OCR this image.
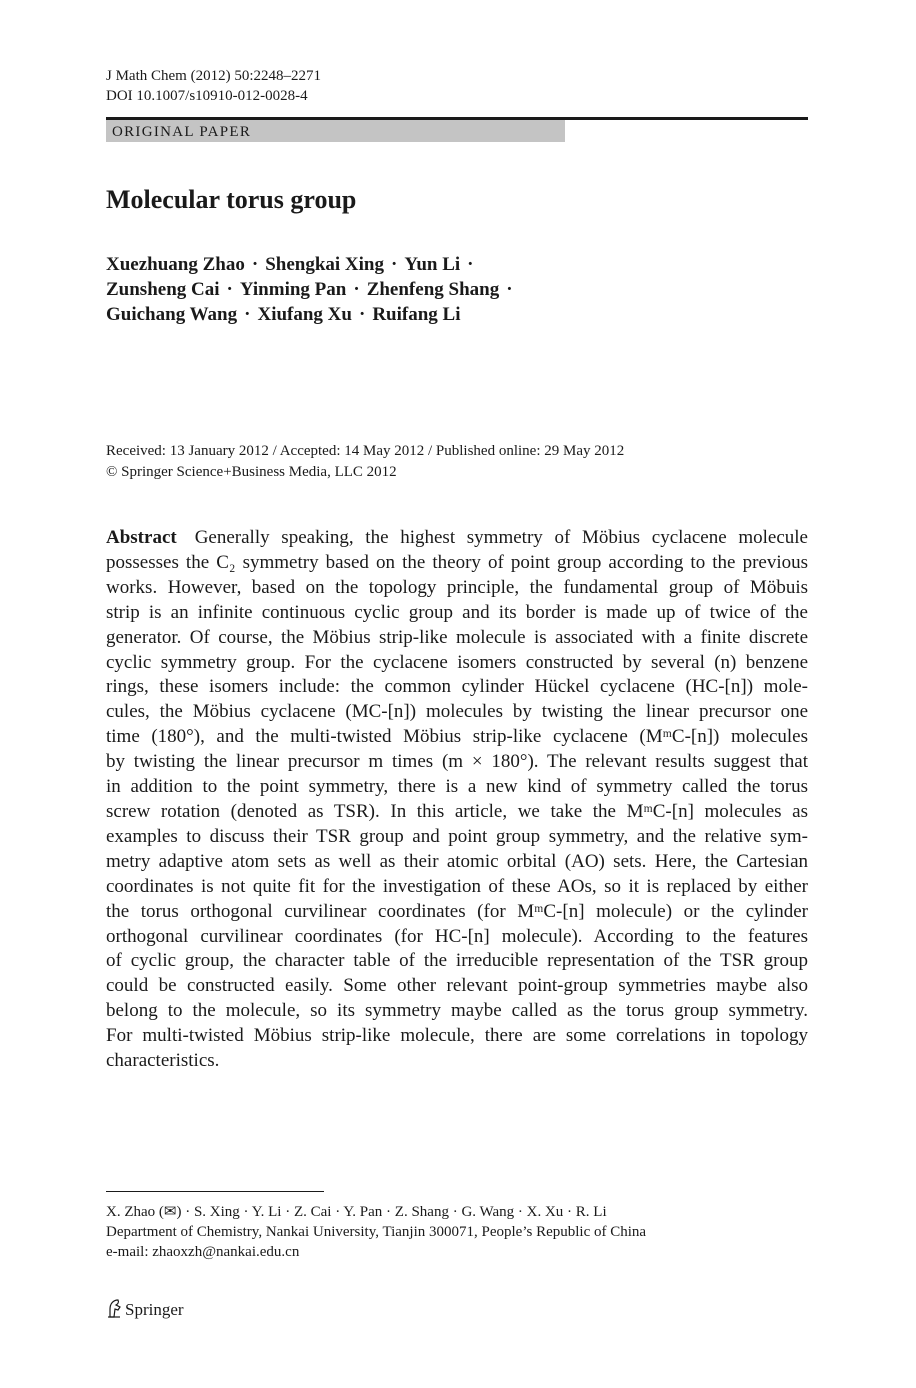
J Math Chem (2012) 50:2248–2271
DOI 10.1007/s10910-012-0028-4
ORIGINAL PAPER
Molecular torus group
Xuezhuang Zhao · Shengkai Xing · Yun Li ·
Zunsheng Cai · Yinming Pan · Zhenfeng Shang ·
Guichang Wang · Xiufang Xu · Ruifang Li
Received: 13 January 2012 / Accepted: 14 May 2012 / Published online: 29 May 2012
© Springer Science+Business Media, LLC 2012
Abstract Generally speaking, the highest symmetry of Möbius cyclacene molecule
possesses the C₂ symmetry based on the theory of point group according to the previous
works. However, based on the topology principle, the fundamental group of Möbuis
strip is an infinite continuous cyclic group and its border is made up of twice of the
generator. Of course, the Möbius strip-like molecule is associated with a finite discrete
cyclic symmetry group. For the cyclacene isomers constructed by several (n) benzene
rings, these isomers include: the common cylinder Hückel cyclacene (HC-[n]) mole-
cules, the Möbius cyclacene (MC-[n]) molecules by twisting the linear precursor one
time (180°), and the multi-twisted Möbius strip-like cyclacene (MᵐC-[n]) molecules
by twisting the linear precursor m times (m × 180°). The relevant results suggest that
in addition to the point symmetry, there is a new kind of symmetry called the torus
screw rotation (denoted as TSR). In this article, we take the MᵐC-[n] molecules as
examples to discuss their TSR group and point group symmetry, and the relative sym-
metry adaptive atom sets as well as their atomic orbital (AO) sets. Here, the Cartesian
coordinates is not quite fit for the investigation of these AOs, so it is replaced by either
the torus orthogonal curvilinear coordinates (for MᵐC-[n] molecule) or the cylinder
orthogonal curvilinear coordinates (for HC-[n] molecule). According to the features
of cyclic group, the character table of the irreducible representation of the TSR group
could be constructed easily. Some other relevant point-group symmetries maybe also
belong to the molecule, so its symmetry maybe called as the torus group symmetry.
For multi-twisted Möbius strip-like molecule, there are some correlations in topology
characteristics.
X. Zhao (✉) · S. Xing · Y. Li · Z. Cai · Y. Pan · Z. Shang · G. Wang · X. Xu · R. Li
Department of Chemistry, Nankai University, Tianjin 300071, People’s Republic of China
e-mail: zhaoxzh@nankai.edu.cn
Springer
